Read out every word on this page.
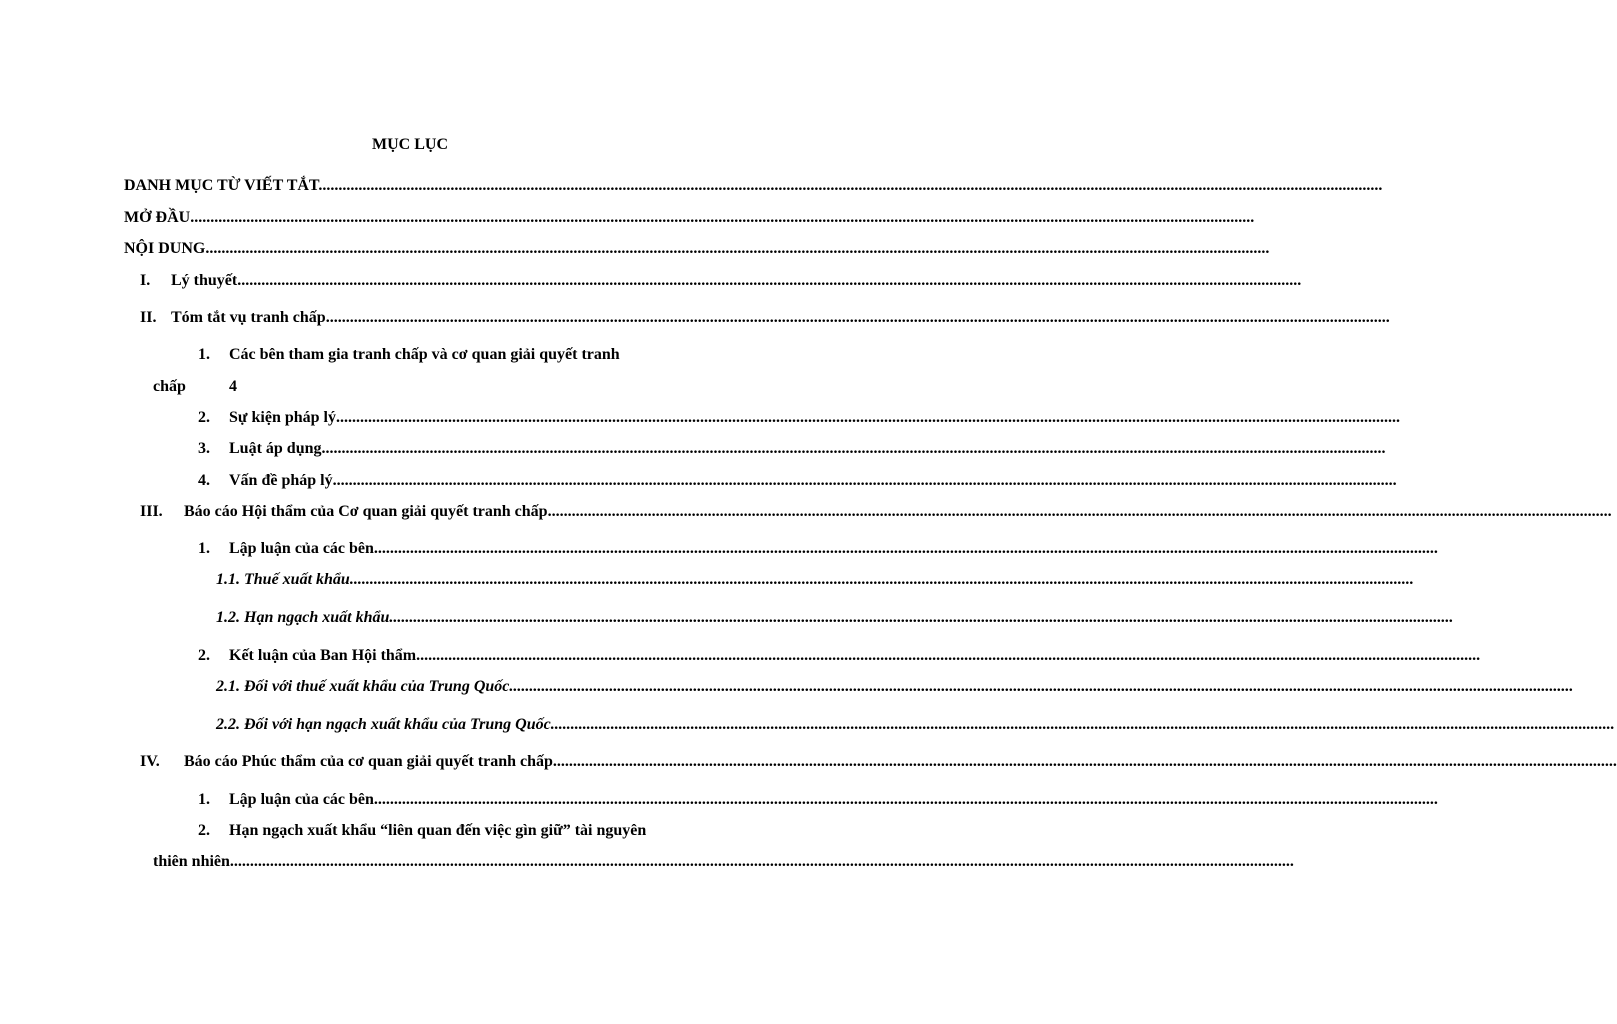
MỤC LỤC
DANH MỤC TỪ VIẾT TẮT..........................................................................................................................................................................................................................................................................
MỞ ĐẦU..........................................................................................................................................................................................................................................................................
NỘI DUNG..........................................................................................................................................................................................................................................................................
I. Lý thuyết..........................................................................................................................................................................................................................................................................
II. Tóm tắt vụ tranh chấp..........................................................................................................................................................................................................................................................................
1. Các bên tham gia tranh chấp và cơ quan giải quyết tranh
chấp	4
2. Sự kiện pháp lý..........................................................................................................................................................................................................................................................................
3. Luật áp dụng..........................................................................................................................................................................................................................................................................
4. Vấn đề pháp lý..........................................................................................................................................................................................................................................................................
III. Báo cáo Hội thẩm của Cơ quan giải quyết tranh chấp..........................................................................................................................................................................................................................................................................
1. Lập luận của các bên..........................................................................................................................................................................................................................................................................
1.1. Thuế xuất khẩu..........................................................................................................................................................................................................................................................................
1.2. Hạn ngạch xuất khẩu..........................................................................................................................................................................................................................................................................
2. Kết luận của Ban Hội thẩm..........................................................................................................................................................................................................................................................................
2.1. Đối với thuế xuất khẩu của Trung Quốc..........................................................................................................................................................................................................................................................................
2.2. Đối với hạn ngạch xuất khẩu của Trung Quốc..........................................................................................................................................................................................................................................................................
IV. Báo cáo Phúc thẩm của cơ quan giải quyết tranh chấp..........................................................................................................................................................................................................................................................................
1. Lập luận của các bên..........................................................................................................................................................................................................................................................................
2. Hạn ngạch xuất khẩu “liên quan đến việc gìn giữ” tài nguyên
thiên nhiên..........................................................................................................................................................................................................................................................................
